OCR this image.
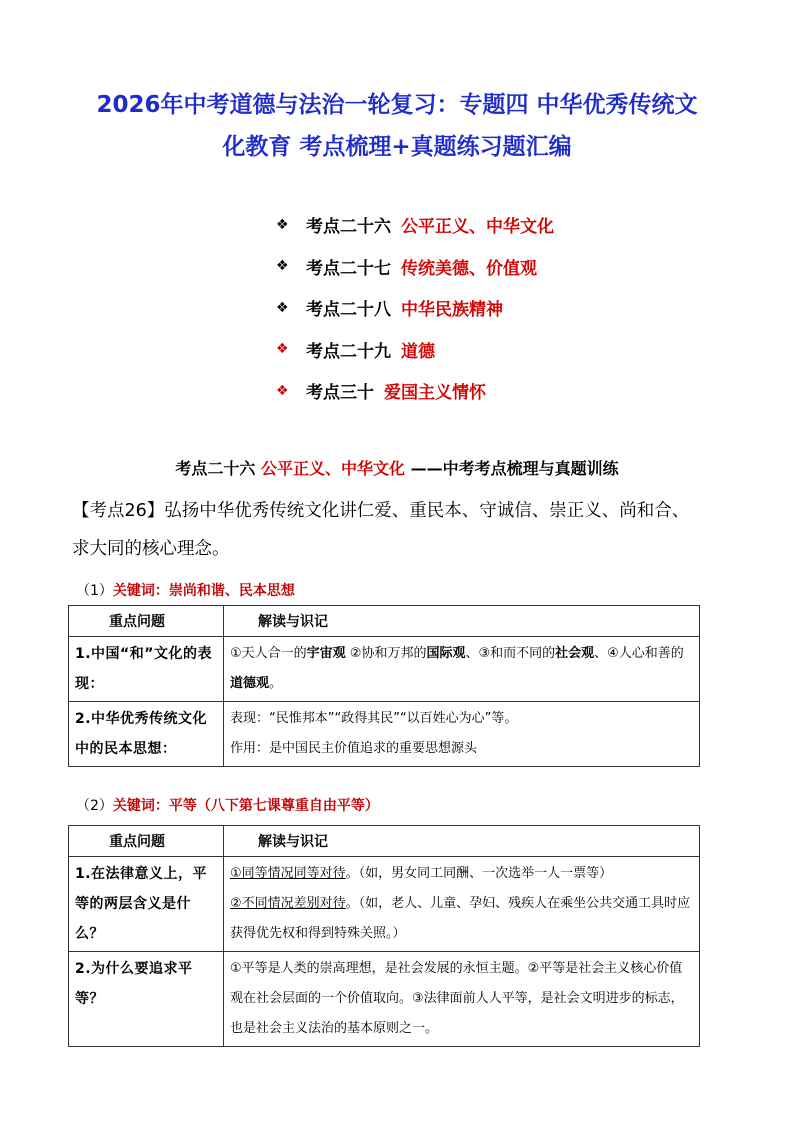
2026年中考道德与法治一轮复习：专题四 中华优秀传统文
化教育 考点梳理+真题练习题汇编
❖	考点二十六 公平正义、中华文化
❖	考点二十七 传统美德、价值观
❖	考点二十八 中华民族精神
❖	考点二十九 道德
❖	考点三十 爱国主义情怀
考点二十六 公平正义、中华文化 ——中考考点梳理与真题训练
【考点26】弘扬中华优秀传统文化讲仁爱、重民本、守诚信、崇正义、尚和合、
求大同的核心理念。
（1）关键词：崇尚和谐、民本思想
重点问题	解读与识记
1.中国“和”文化的表现：	①天人合一的宇宙观 ②协和万邦的国际观、③和而不同的社会观、④人心和善的道德观。
2.中华优秀传统文化中的民本思想：	表现：“民惟邦本”“政得其民”“以百姓心为心”等。
作用：是中国民主价值追求的重要思想源头
（2）关键词：平等（八下第七课尊重自由平等）
重点问题	解读与识记
1.在法律意义上，平等的两层含义是什么？	①同等情况同等对待。（如，男女同工同酬、一次选举一人一票等）
②不同情况差别对待。（如，老人、儿童、孕妇、残疾人在乘坐公共交通工具时应获得优先权和得到特殊关照。）

2.为什么要追求平等？	①平等是人类的崇高理想，是社会发展的永恒主题。②平等是社会主义核心价值观在社会层面的一个价值取向。③法律面前人人平等，是社会文明进步的标志，也是社会主义法治的基本原则之一。
